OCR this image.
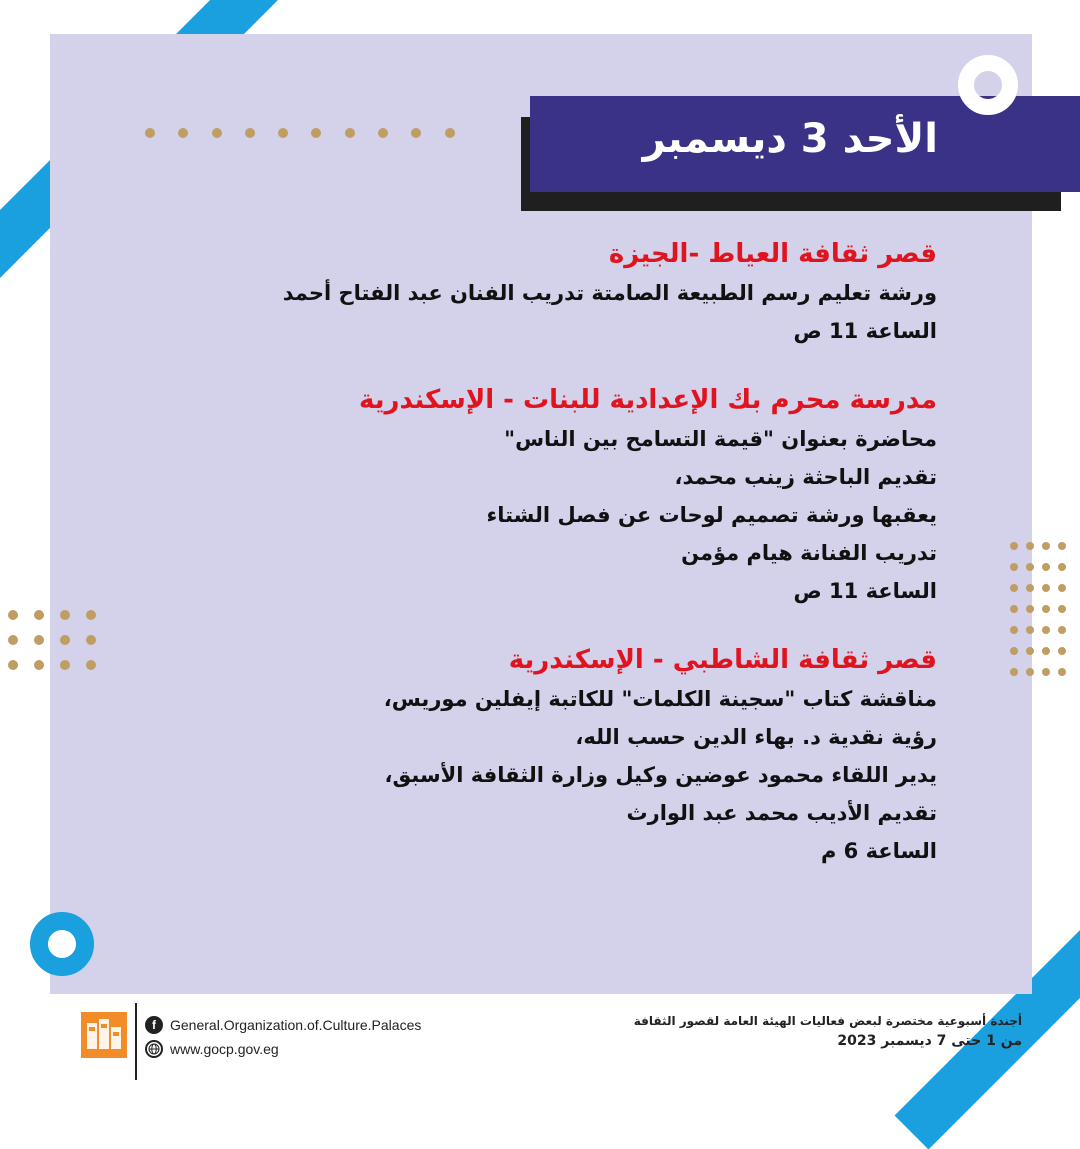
الأحد 3 ديسمبر
قصر ثقافة العياط -الجيزة
ورشة تعليم رسم الطبيعة الصامتة تدريب الفنان عبد الفتاح أحمد
الساعة 11 ص
مدرسة محرم بك الإعدادية للبنات - الإسكندرية
محاضرة بعنوان "قيمة التسامح بين الناس"
تقديم الباحثة زينب محمد،
يعقبها ورشة تصميم لوحات عن فصل الشتاء
تدريب الفنانة هيام مؤمن
الساعة 11 ص
قصر ثقافة الشاطبي - الإسكندرية
مناقشة كتاب "سجينة الكلمات" للكاتبة إيفلين موريس،
رؤية نقدية د. بهاء الدين حسب الله،
يدير اللقاء محمود عوضين وكيل وزارة الثقافة الأسبق،
تقديم الأديب محمد عبد الوارث
الساعة 6 م
f	General.Organization.of.Culture.Palaces
www.gocp.gov.eg
أجندة أسبوعية مختصرة لبعض فعاليات الهيئة العامة لقصور الثقافة
من 1 حتى 7 ديسمبر 2023
